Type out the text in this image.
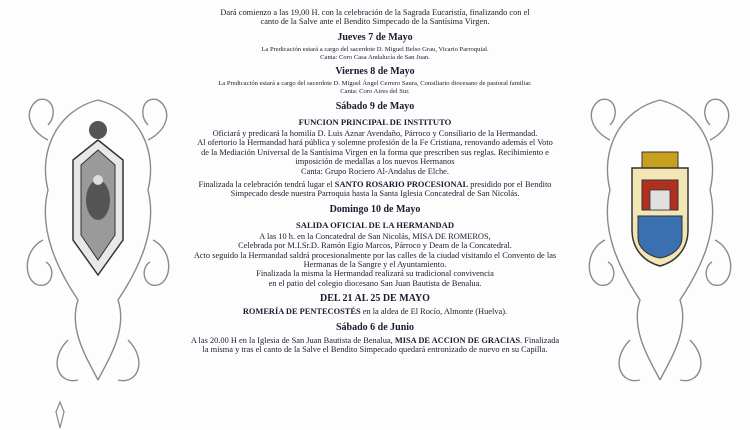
Dará comienzo a las 19,00 H. con la celebración de la Sagrada Eucaristía, finalizando con el
canto de la Salve ante el Bendito Simpecado de la Santísima Virgen.
Jueves 7 de Mayo
La Predicación estará a cargo del sacerdote D. Miguel Belso Grau, Vicario Parroquial.
Canta: Coro Casa Andalucía de San Juan.
Viernes 8 de Mayo
La Predicación estará a cargo del sacerdote D. Miguel Ángel Cerrero Saura, Consiliario diocesano de pastoral familiar.
Canta: Coro Aires del Sur.
Sábado 9 de Mayo
FUNCION PRINCIPAL DE INSTITUTO
Oficiará y predicará la homilía D. Luis Aznar Avendaño, Párroco y Consiliario de la Hermandad.
Al ofertorio la Hermandad hará pública y solemne profesión de la Fe Cristiana, renovando además el Voto
de la Mediación Universal de la Santísima Virgen en la forma que prescriben sus reglas. Recibimiento e
imposición de medallas a los nuevos Hermanos
Canta: Grupo Rociero Al-Andalus de Elche.
Finalizada la celebración tendrá lugar el SANTO ROSARIO PROCESIONAL presidido por el Bendito
Simpecado desde nuestra Parroquia hasta la Santa Iglesia Concatedral de San Nicolás.
Domingo 10 de Mayo
SALIDA OFICIAL DE LA HERMANDAD
A las 10 h. en la Concatedral de San Nicolás, MISA DE ROMEROS,
Celebrada por M.I.Sr.D. Ramón Egío Marcos, Párroco y Deam de la Concatedral.
Acto seguido la Hermandad saldrá procesionalmente por las calles de la ciudad visitando el Convento de las
Hermanas de la Sangre y el Ayuntamiento.
Finalizada la misma la Hermandad realizará su tradicional convivencia
en el patio del colegio diocesano San Juan Bautista de Benalua.
DEL 21 AL 25 DE MAYO
ROMERÍA DE PENTECOSTÉS en la aldea de El Rocío, Almonte (Huelva).
Sábado 6 de Junio
A las 20.00 H en la Iglesia de San Juan Bautista de Benalua, MISA DE ACCION DE GRACIAS. Finalizada
la misma y tras el canto de la Salve el Bendito Simpecado quedará entronizado de nuevo en su Capilla.
